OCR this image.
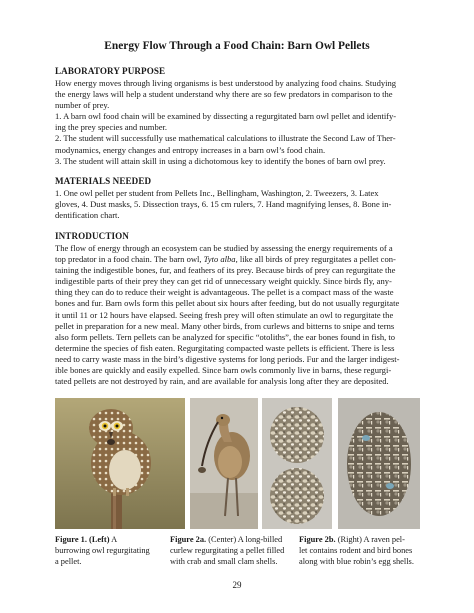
Energy Flow Through a Food Chain: Barn Owl Pellets
LABORATORY PURPOSE
How energy moves through living organisms is best understood by analyzing food chains. Studying
the energy laws will help a student understand why there are so few predators in comparison to the
number of prey.
1. A barn owl food chain will be examined by dissecting a regurgitated barn owl pellet and identify-
ing the prey species and number.
2. The student will successfully use mathematical calculations to illustrate the Second Law of Ther-
modynamics, energy changes and entropy increases in a barn owl’s food chain.
3. The student will attain skill in using a dichotomous key to identify the bones of barn owl prey.
MATERIALS NEEDED
1. One owl pellet per student from Pellets Inc., Bellingham, Washington, 2. Tweezers, 3. Latex
gloves, 4. Dust masks, 5. Dissection trays, 6. 15 cm rulers, 7. Hand magnifying lenses, 8. Bone in-
dentification chart.
INTRODUCTION
The flow of energy through an ecosystem can be studied by assessing the energy requirements of a
top predator in a food chain. The barn owl, Tyto alba, like all birds of prey regurgitates a pellet con-
taining the indigestible bones, fur, and feathers of its prey. Because birds of prey can regurgitate the
indigestible parts of their prey they can get rid of unnecessary weight quickly. Since birds fly, any-
thing they can do to reduce their weight is advantageous. The pellet is a compact mass of the waste
bones and fur. Barn owls form this pellet about six hours after feeding, but do not usually regurgitate
it until 11 or 12 hours have elapsed. Seeing fresh prey will often stimulate an owl to regurgitate the
pellet in preparation for a new meal. Many other birds, from curlews and bitterns to snipe and terns
also form pellets. Tern pellets can be analyzed for specific “otoliths”, the ear bones found in fish, to
determine the species of fish eaten. Regurgitating compacted waste pellets is efficient. There is less
need to carry waste mass in the bird’s digestive systems for long periods. Fur and the larger indigest-
ible bones are quickly and easily expelled. Since barn owls commonly live in barns, these regurgi-
tated pellets are not destroyed by rain, and are available for analysis long after they are deposited.
Figure 1. (Left) A
burrowing owl regurgitating
a pellet.
Figure 2a. (Center) A long-billed
curlew regurgitating a pellet filled
with crab and small clam shells.
Figure 2b. (Right) A raven pel-
let contains rodent and bird bones
along with blue robin’s egg shells.
29
